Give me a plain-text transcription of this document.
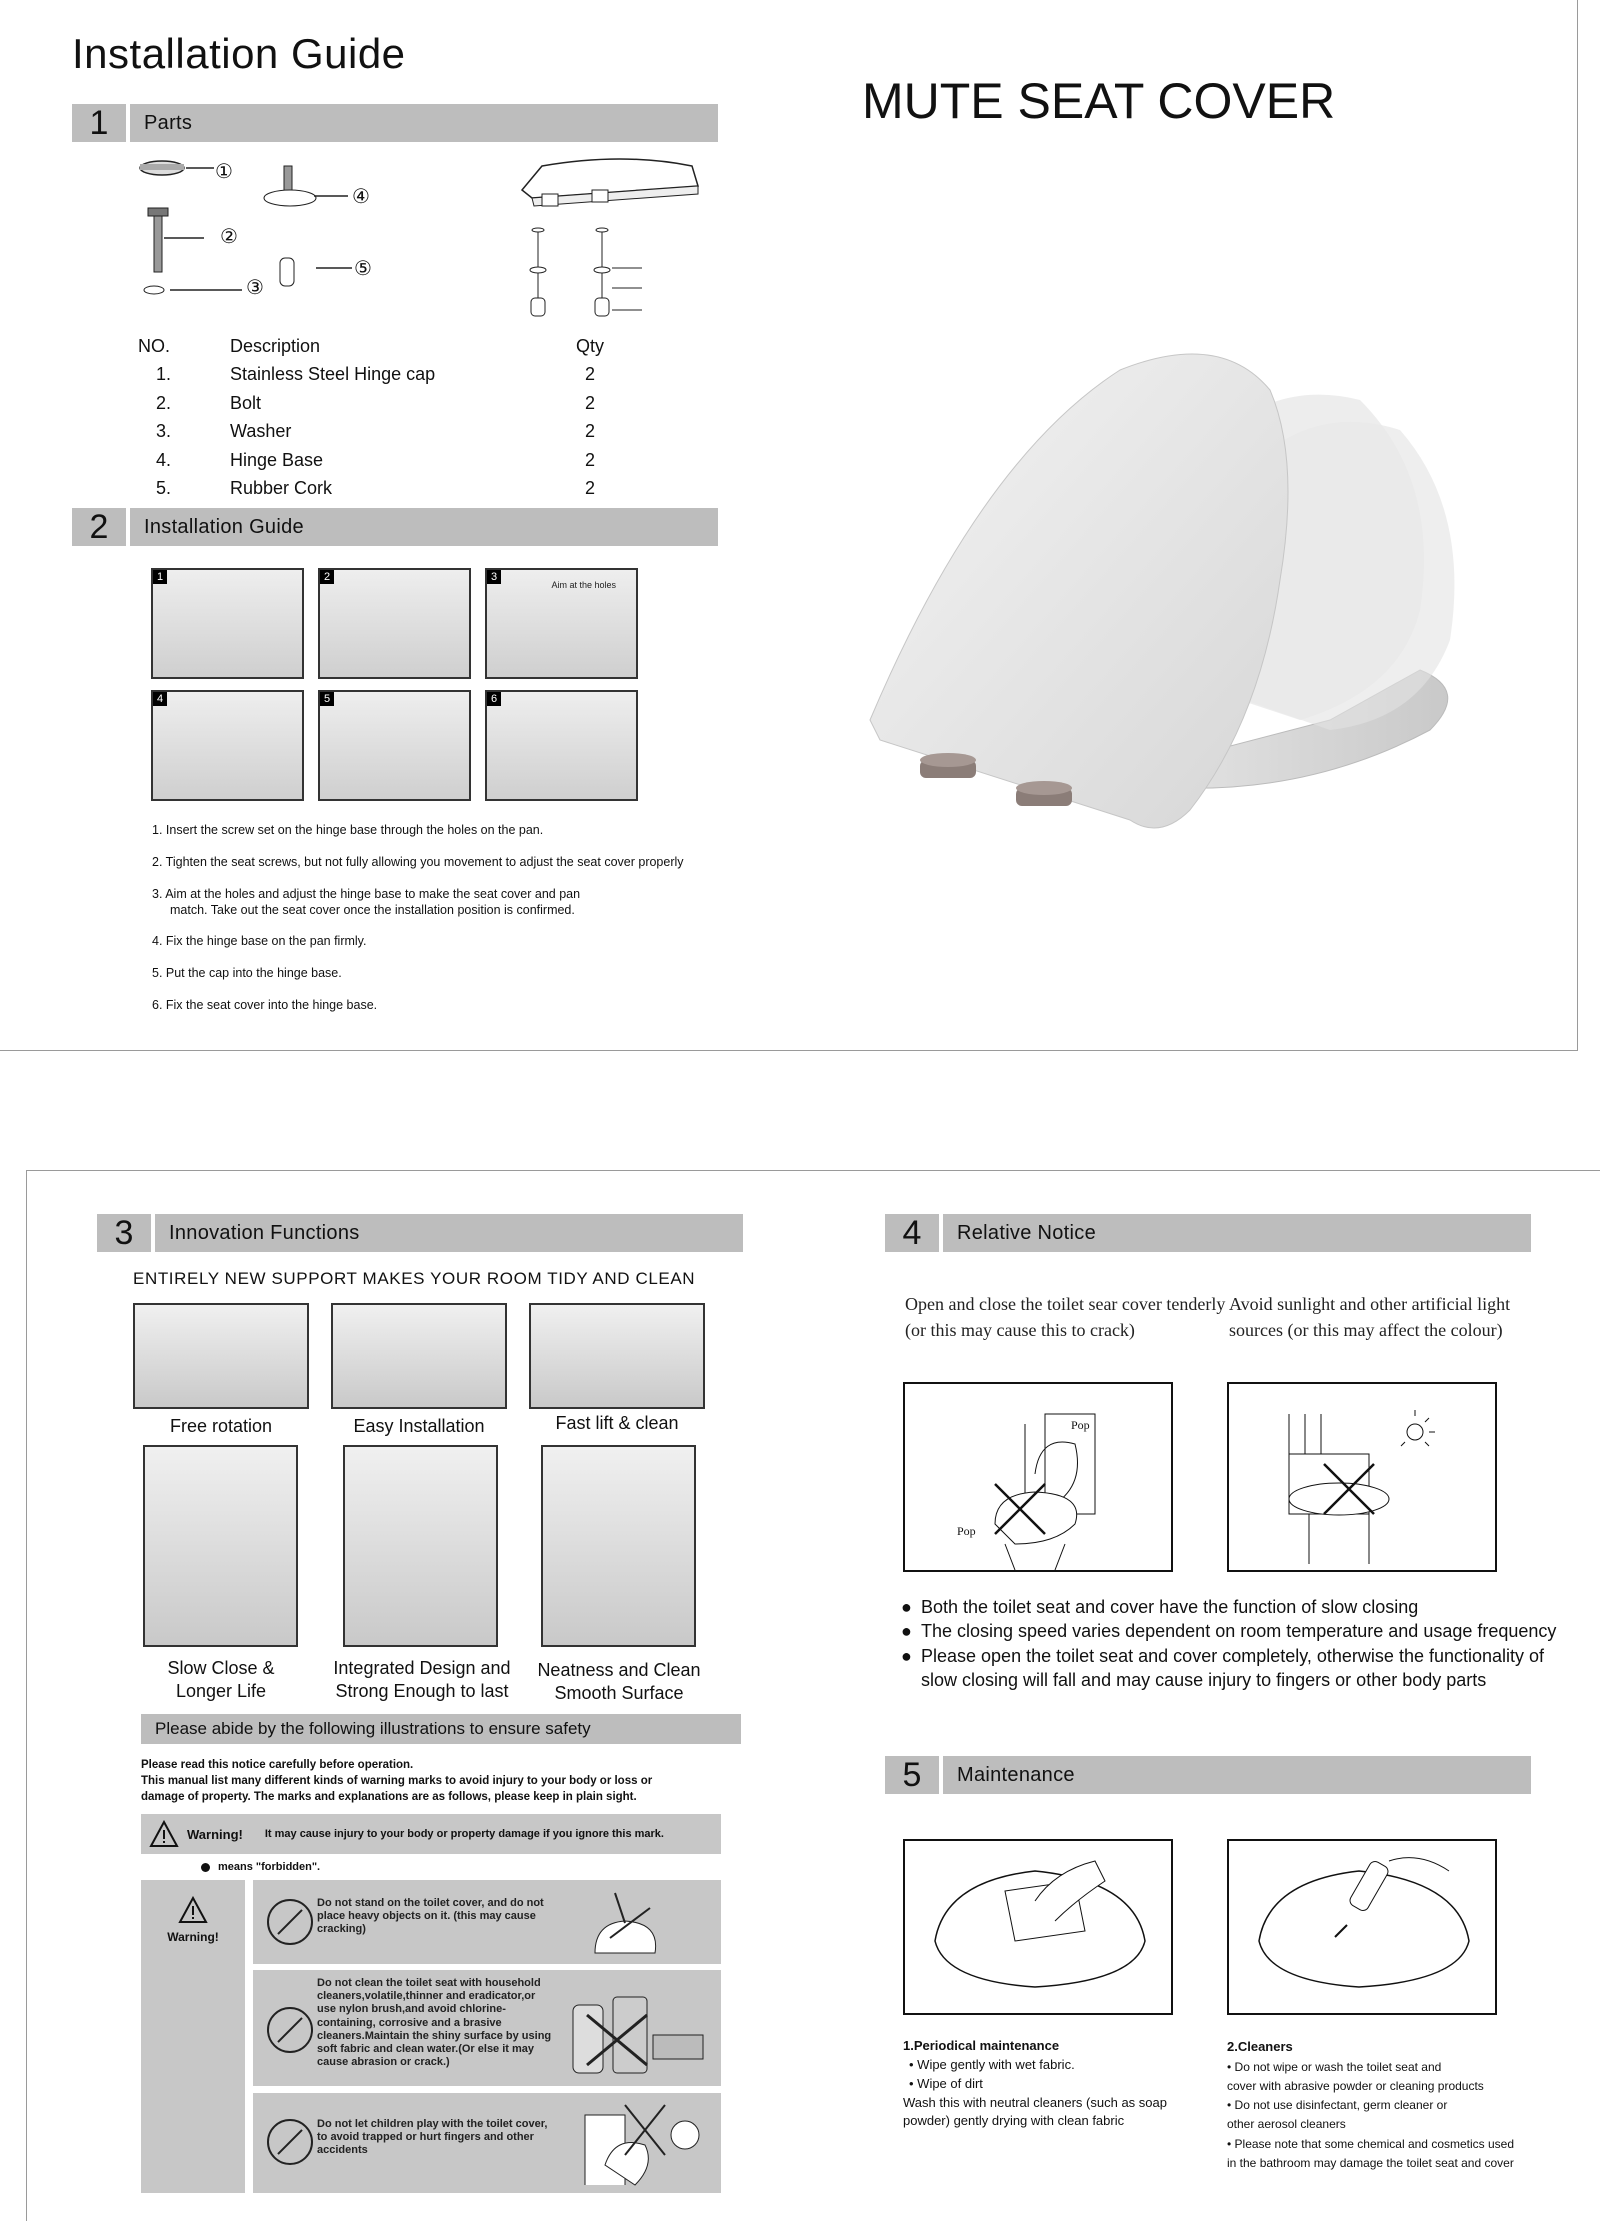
Installation Guide
MUTE SEAT COVER
1	Parts
①
②
③
④
⑤
NO.	Description	Qty
1.	Stainless Steel Hinge cap	2
2.	Bolt	2
3.	Washer	2
4.	Hinge Base	2
5.	Rubber Cork	2
2	Installation Guide
1	2	3
Aim at the holes
4	5	6
1. Insert the screw set on the hinge base through the holes on the pan.
2. Tighten the seat screws, but not fully allowing you movement to adjust the seat cover properly
3. Aim at the holes and adjust the hinge base to make the seat cover and pan
match. Take out the seat cover once the installation position is confirmed.
4. Fix the hinge base on the pan firmly.
5. Put the cap into the hinge base.
6. Fix the seat cover into the hinge base.
3	Innovation Functions
ENTIRELY NEW SUPPORT MAKES YOUR ROOM TIDY AND CLEAN
Free rotation	Easy Installation	Fast lift & clean
Slow Close &
Longer Life
Integrated Design and
Strong Enough to last
Neatness and Clean
Smooth Surface
Please abide by the following illustrations to ensure safety
Please read this notice carefully before operation.
This manual list many different kinds of warning marks to avoid injury to your body or loss or
damage of property. The marks and explanations are as follows, please keep in plain sight.
Warning! It may cause injury to your body or property damage if you ignore this mark.
means "forbidden".
Warning!
Do not stand on the toilet cover, and do not place heavy objects on it. (this may cause cracking)
Do not clean the toilet seat with household cleaners,volatile,thinner and eradicator,or use nylon brush,and avoid chlorine-containing, corrosive and a brasive cleaners.Maintain the shiny surface by using soft fabric and clean water.(Or else it may cause abrasion or crack.)
Do not let children play with the toilet cover, to avoid trapped or hurt fingers and other accidents
4	Relative Notice
Open and close the toilet sear cover tenderly
(or this may cause this to crack)
Avoid sunlight and other artificial light
sources (or this may affect the colour)
Pop
Pop
● Both the toilet seat and cover have the function of slow closing
● The closing speed varies dependent on room temperature and usage frequency
● Please open the toilet seat and cover completely, otherwise the functionality of slow closing will fall and may cause injury to fingers or other body parts
5	Maintenance
1.Periodical maintenance
• Wipe gently with wet fabric.
• Wipe of dirt
Wash this with neutral cleaners (such as soap
powder) gently drying with clean fabric
2.Cleaners
• Do not wipe or wash the toilet seat and
cover with abrasive powder or cleaning products
• Do not use disinfectant, germ cleaner or
other aerosol cleaners
• Please note that some chemical and cosmetics used
in the bathroom may damage the toilet seat and cover
